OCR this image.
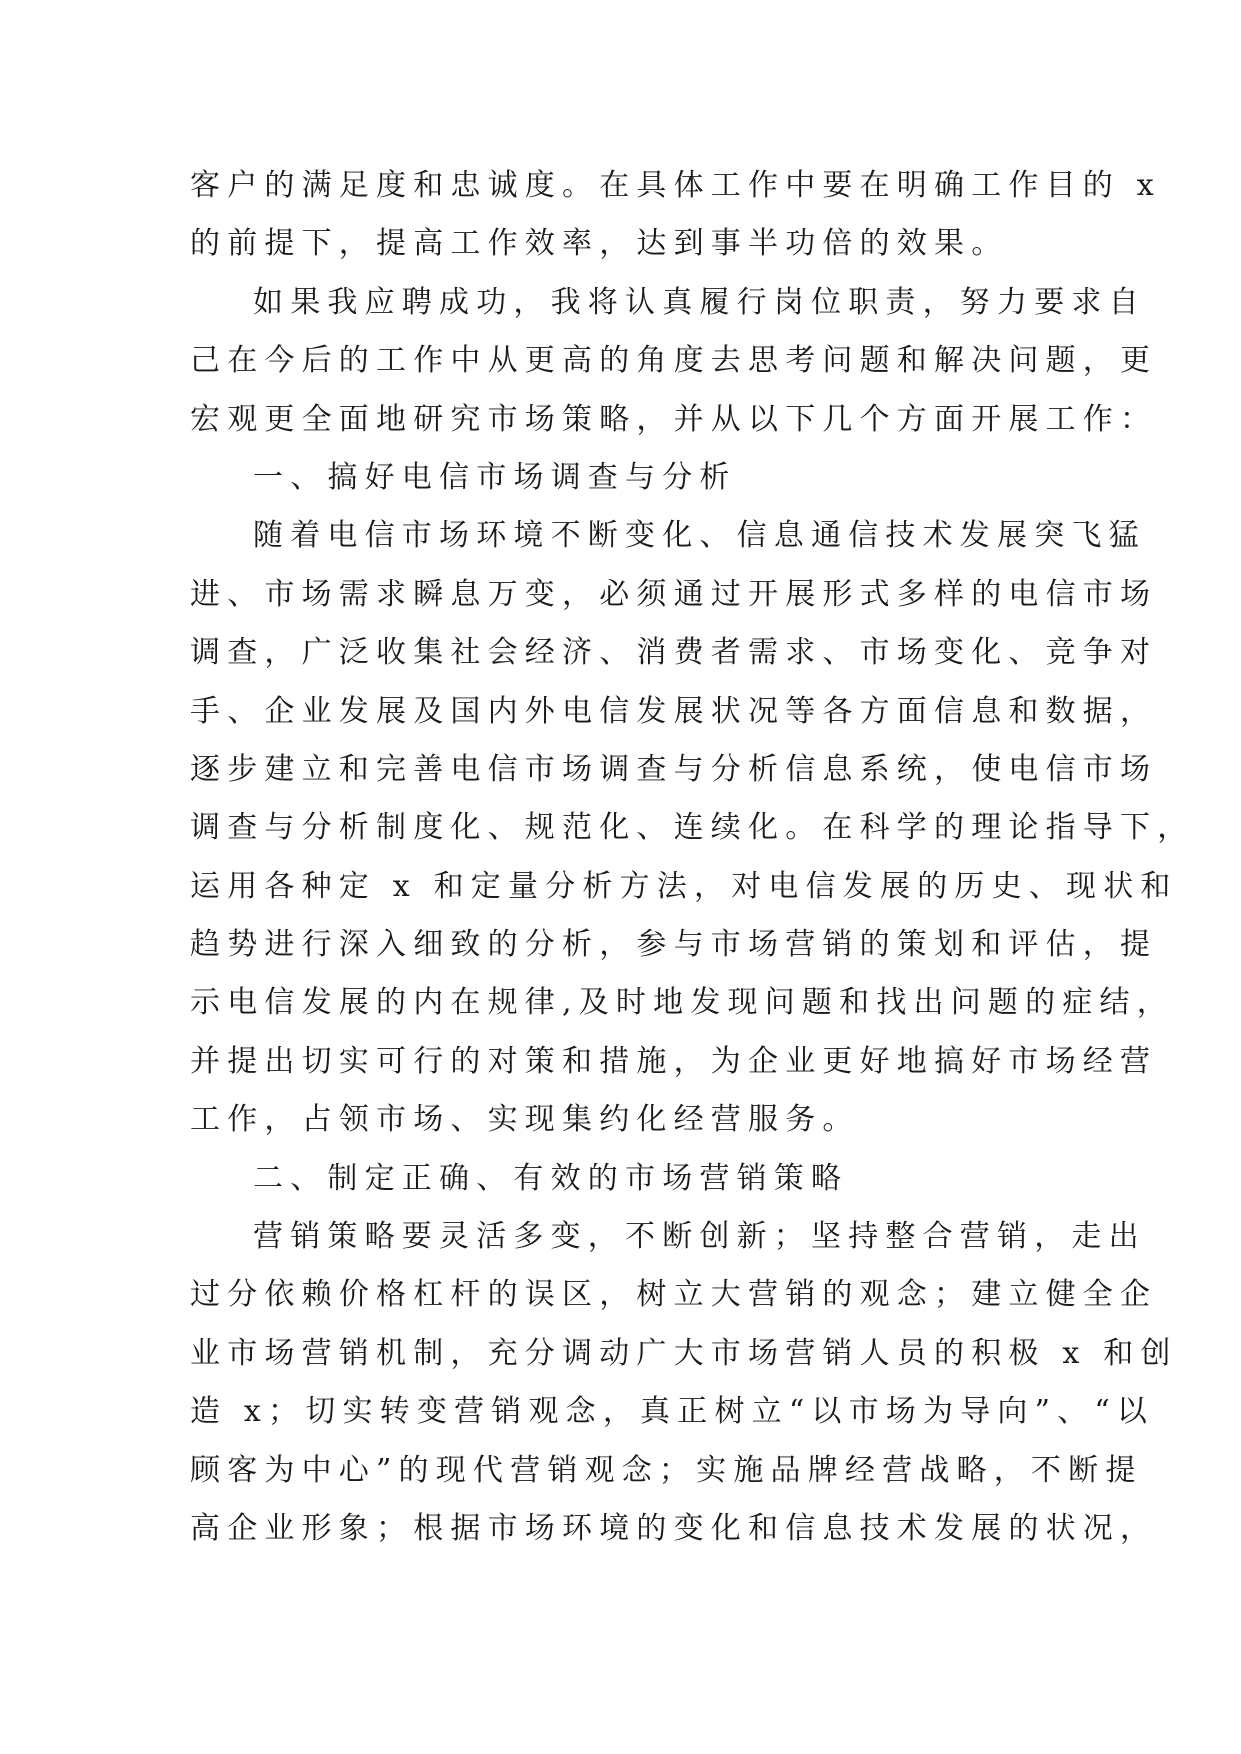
客户的满足度和忠诚度。在具体工作中要在明确工作目的 x
的前提下，提高工作效率，达到事半功倍的效果。
如果我应聘成功，我将认真履行岗位职责，努力要求自
己在今后的工作中从更高的角度去思考问题和解决问题，更
宏观更全面地研究市场策略，并从以下几个方面开展工作：
一、搞好电信市场调查与分析
随着电信市场环境不断变化、信息通信技术发展突飞猛
进、市场需求瞬息万变，必须通过开展形式多样的电信市场
调查，广泛收集社会经济、消费者需求、市场变化、竞争对
手、企业发展及国内外电信发展状况等各方面信息和数据，
逐步建立和完善电信市场调查与分析信息系统，使电信市场
调查与分析制度化、规范化、连续化。在科学的理论指导下，
运用各种定 x 和定量分析方法，对电信发展的历史、现状和
趋势进行深入细致的分析，参与市场营销的策划和评估，提
示电信发展的内在规律,及时地发现问题和找出问题的症结，
并提出切实可行的对策和措施，为企业更好地搞好市场经营
工作，占领市场、实现集约化经营服务。
二、制定正确、有效的市场营销策略
营销策略要灵活多变，不断创新；坚持整合营销，走出
过分依赖价格杠杆的误区，树立大营销的观念；建立健全企
业市场营销机制，充分调动广大市场营销人员的积极 x 和创
造 x；切实转变营销观念，真正树立“以市场为导向”、“以
顾客为中心”的现代营销观念；实施品牌经营战略，不断提
高企业形象；根据市场环境的变化和信息技术发展的状况，
